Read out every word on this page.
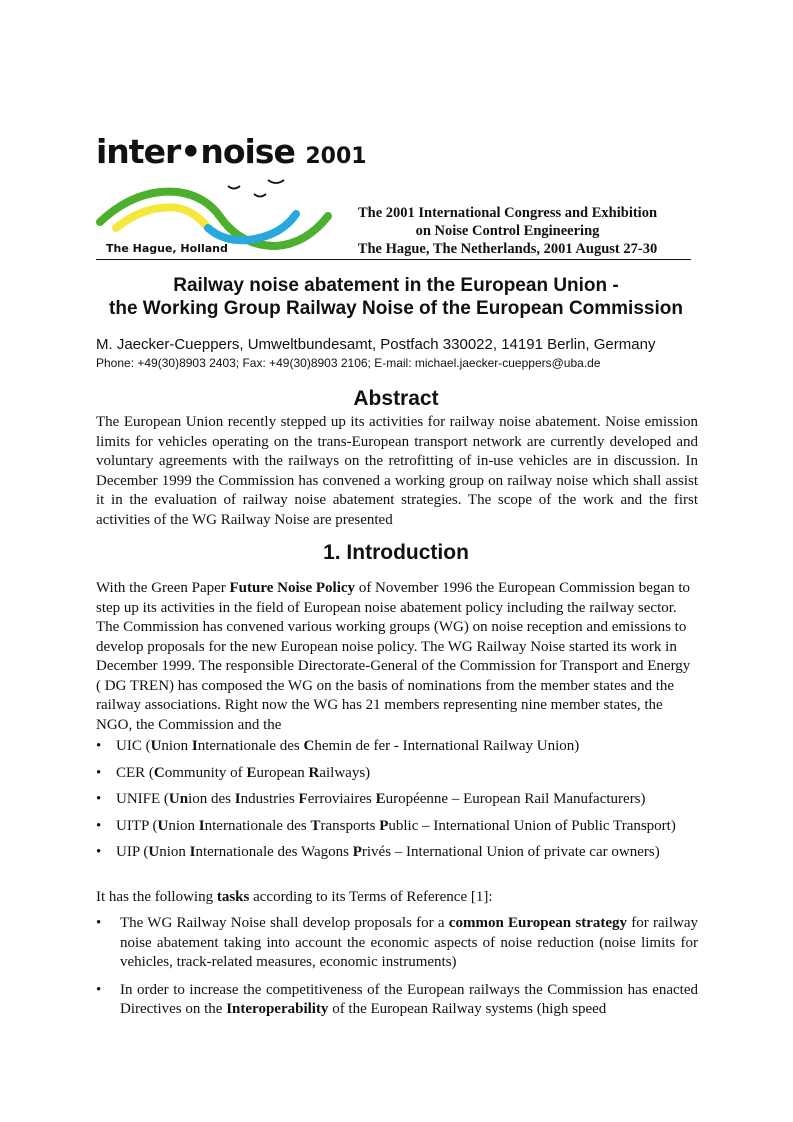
inter•noise 2001
The Hague, Holland
The 2001 International Congress and Exhibition
on Noise Control Engineering
The Hague, The Netherlands, 2001 August 27-30
Railway noise abatement in the European Union -
the Working Group Railway Noise of the European Commission
M. Jaecker-Cueppers, Umweltbundesamt, Postfach 330022, 14191 Berlin, Germany
Phone: +49(30)8903 2403; Fax: +49(30)8903 2106; E-mail: michael.jaecker-cueppers@uba.de
Abstract

The European Union recently stepped up its activities for railway noise abatement. Noise emission limits for vehicles operating on the trans-European transport network are currently developed and voluntary agreements with the railways on the retrofitting of in-use vehicles are in discussion. In December 1999 the Commission has convened a working group on railway noise which shall assist it in the evaluation of railway noise abatement strategies. The scope of the work and the first activities of the WG Railway Noise are presented

1. Introduction

With the Green Paper Future Noise Policy of November 1996 the European Commission began to step up its activities in the field of European noise abatement policy including the railway sector. The Commission has convened various working groups (WG) on noise reception and emissions to develop proposals for the new European noise policy. The WG Railway Noise started its work in December 1999. The responsible Directorate-General of the Commission for Transport and Energy ( DG TREN) has composed the WG on the basis of nominations from the member states and the railway associations. Right now the WG has 21 members representing nine member states, the NGO, the Commission and the

• UIC (Union Internationale des Chemin de fer - International Railway Union)
• CER (Community of European Railways)
• UNIFE (Union des Industries Ferroviaires Européenne – European Rail Manufacturers)
• UITP (Union Internationale des Transports Public – International Union of Public Transport)
• UIP (Union Internationale des Wagons Privés – International Union of private car owners)

It has the following tasks according to its Terms of Reference [1]:

• The WG Railway Noise shall develop proposals for a common European strategy for railway noise abatement taking into account the economic aspects of noise reduction (noise limits for vehicles, track-related measures, economic instruments)
• In order to increase the competitiveness of the European railways the Commission has enacted Directives on the Interoperability of the European Railway systems (high speed
